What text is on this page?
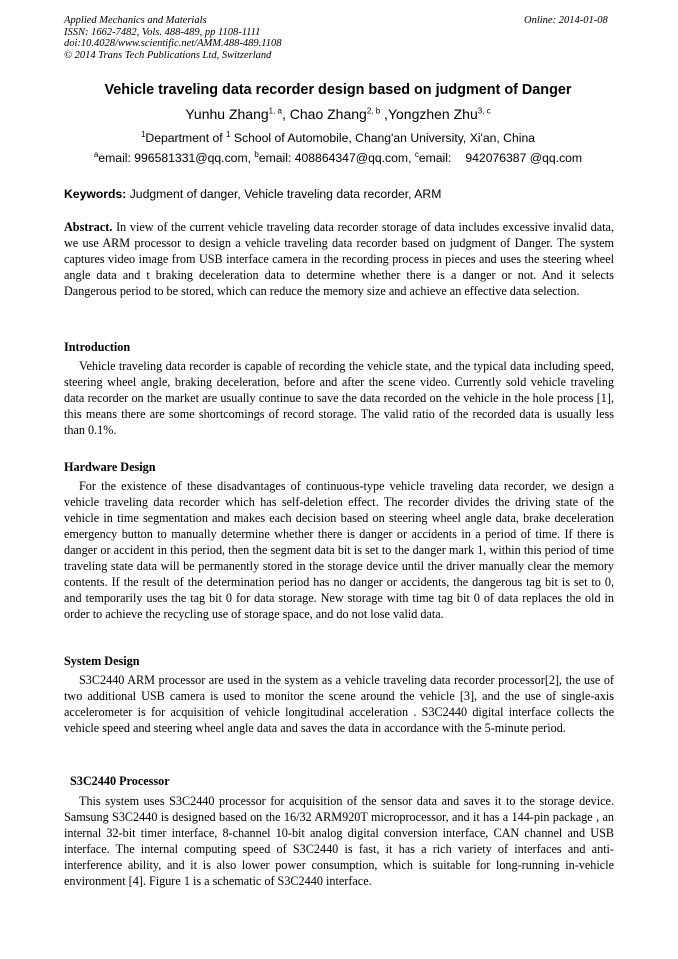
Applied Mechanics and Materials
ISSN: 1662-7482, Vols. 488-489, pp 1108-1111
doi:10.4028/www.scientific.net/AMM.488-489.1108
© 2014 Trans Tech Publications Ltd, Switzerland
Online: 2014-01-08
Vehicle traveling data recorder design based on judgment of Danger
Yunhu Zhang$^{1, a}$, Chao Zhang$^{2, b}$ ,Yongzhen Zhu$^{3, c}$
$^1$Department of $^1$ School of Automobile, Chang'an University, Xi'an, China
$^a$email: 996581331@qq.com, $^b$email: 408864347@qq.com, $^c$email: 942076387 @qq.com
Keywords: Judgment of danger, Vehicle traveling data recorder, ARM

Abstract. In view of the current vehicle traveling data recorder storage of data includes excessive invalid data, we use ARM processor to design a vehicle traveling data recorder based on judgment of Danger. The system captures video image from USB interface camera in the recording process in pieces and uses the steering wheel angle data and t braking deceleration data to determine whether there is a danger or not. And it selects Dangerous period to be stored, which can reduce the memory size and achieve an effective data selection.

Introduction

Vehicle traveling data recorder is capable of recording the vehicle state, and the typical data including speed, steering wheel angle, braking deceleration, before and after the scene video. Currently sold vehicle traveling data recorder on the market are usually continue to save the data recorded on the vehicle in the hole process [1], this means there are some shortcomings of record storage. The valid ratio of the recorded data is usually less than 0.1%.

Hardware Design

For the existence of these disadvantages of continuous-type vehicle traveling data recorder, we design a vehicle traveling data recorder which has self-deletion effect. The recorder divides the driving state of the vehicle in time segmentation and makes each decision based on steering wheel angle data, brake deceleration emergency button to manually determine whether there is danger or accidents in a period of time. If there is danger or accident in this period, then the segment data bit is set to the danger mark 1, within this period of time traveling state data will be permanently stored in the storage device until the driver manually clear the memory contents. If the result of the determination period has no danger or accidents, the dangerous tag bit is set to 0, and temporarily uses the tag bit 0 for data storage. New storage with time tag bit 0 of data replaces the old in order to achieve the recycling use of storage space, and do not lose valid data.

System Design

S3C2440 ARM processor are used in the system as a vehicle traveling data recorder processor[2], the use of two additional USB camera is used to monitor the scene around the vehicle [3], and the use of single-axis accelerometer is for acquisition of vehicle longitudinal acceleration . S3C2440 digital interface collects the vehicle speed and steering wheel angle data and saves the data in accordance with the 5-minute period.

S3C2440 Processor

This system uses S3C2440 processor for acquisition of the sensor data and saves it to the storage device. Samsung S3C2440 is designed based on the 16/32 ARM920T microprocessor, and it has a 144-pin package , an internal 32-bit timer interface, 8-channel 10-bit analog digital conversion interface, CAN channel and USB interface. The internal computing speed of S3C2440 is fast, it has a rich variety of interfaces and anti-interference ability, and it is also lower power consumption, which is suitable for long-running in-vehicle environment [4]. Figure 1 is a schematic of S3C2440 interface.
